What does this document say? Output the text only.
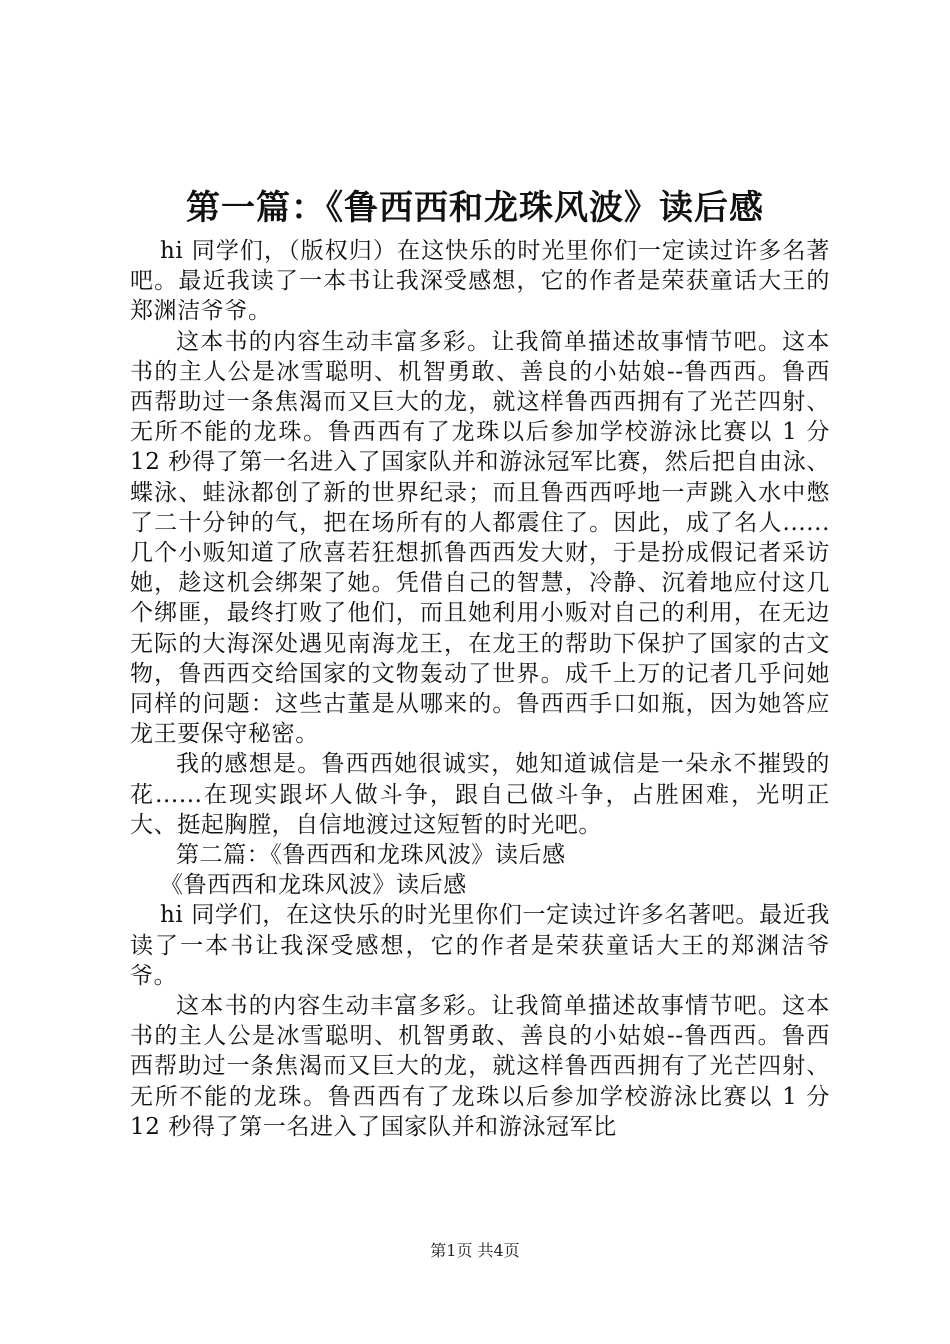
第一篇：《鲁西西和龙珠风波》读后感

hi 同学们，（版权归）在这快乐的时光里你们一定读过许多名著吧。最近我读了一本书让我深受感想，它的作者是荣获童话大王的郑渊洁爷爷。

这本书的内容生动丰富多彩。让我简单描述故事情节吧。这本书的主人公是冰雪聪明、机智勇敢、善良的小姑娘--鲁西西。鲁西西帮助过一条焦渴而又巨大的龙，就这样鲁西西拥有了光芒四射、无所不能的龙珠。鲁西西有了龙珠以后参加学校游泳比赛以 1 分 12 秒得了第一名进入了国家队并和游泳冠军比赛，然后把自由泳、蝶泳、蛙泳都创了新的世界纪录；而且鲁西西呼地一声跳入水中憋了二十分钟的气，把在场所有的人都震住了。因此，成了名人......几个小贩知道了欣喜若狂想抓鲁西西发大财，于是扮成假记者采访她，趁这机会绑架了她。凭借自己的智慧，冷静、沉着地应付这几个绑匪，最终打败了他们，而且她利用小贩对自己的利用，在无边无际的大海深处遇见南海龙王，在龙王的帮助下保护了国家的古文物，鲁西西交给国家的文物轰动了世界。成千上万的记者几乎问她同样的问题：这些古董是从哪来的。鲁西西手口如瓶，因为她答应龙王要保守秘密。

我的感想是。鲁西西她很诚实，她知道诚信是一朵永不摧毁的花......在现实跟坏人做斗争，跟自己做斗争，占胜困难，光明正大、挺起胸膛，自信地渡过这短暂的时光吧。

第二篇：《鲁西西和龙珠风波》读后感

《鲁西西和龙珠风波》读后感

hi 同学们，在这快乐的时光里你们一定读过许多名著吧。最近我读了一本书让我深受感想，它的作者是荣获童话大王的郑渊洁爷爷。

这本书的内容生动丰富多彩。让我简单描述故事情节吧。这本书的主人公是冰雪聪明、机智勇敢、善良的小姑娘--鲁西西。鲁西西帮助过一条焦渴而又巨大的龙，就这样鲁西西拥有了光芒四射、无所不能的龙珠。鲁西西有了龙珠以后参加学校游泳比赛以 1 分 12 秒得了第一名进入了国家队并和游泳冠军比

第1页 共4页
